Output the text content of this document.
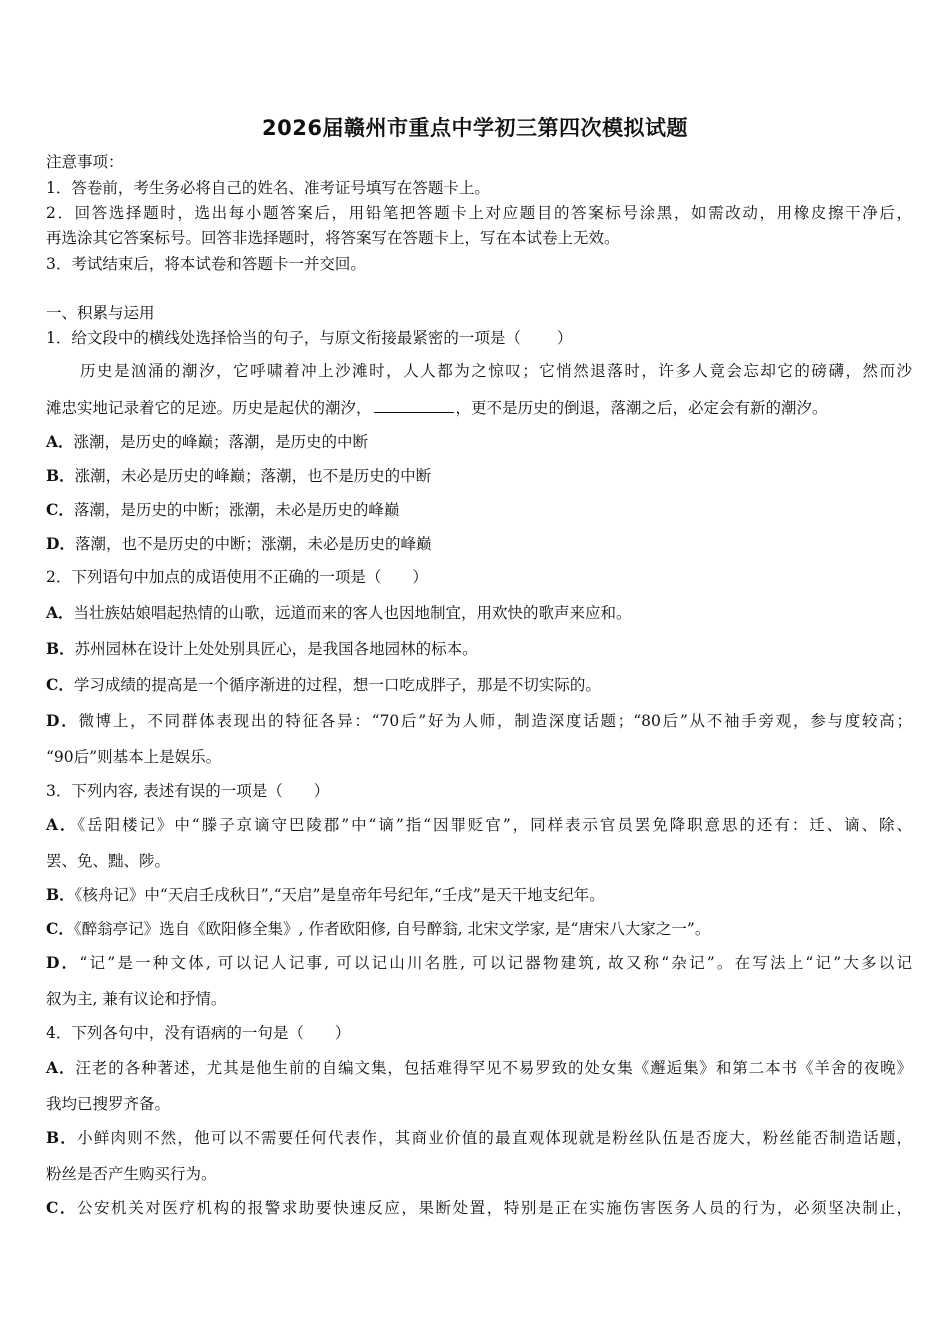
2026届赣州市重点中学初三第四次模拟试题
注意事项：
1．答卷前，考生务必将自己的姓名、准考证号填写在答题卡上。
2．回答选择题时，选出每小题答案后，用铅笔把答题卡上对应题目的答案标号涂黑，如需改动，用橡皮擦干净后，
再选涂其它答案标号。回答非选择题时，将答案写在答题卡上，写在本试卷上无效。
3．考试结束后，将本试卷和答题卡一并交回。
一、积累与运用
1．给文段中的横线处选择恰当的句子，与原文衔接最紧密的一项是（ ）
历史是汹涌的潮汐，它呼啸着冲上沙滩时，人人都为之惊叹；它悄然退落时，许多人竟会忘却它的磅礴，然而沙
滩忠实地记录着它的足迹。历史是起伏的潮汐，	，更不是历史的倒退，落潮之后，必定会有新的潮汐。
A．涨潮，是历史的峰巅；落潮，是历史的中断
B．涨潮，未必是历史的峰巅；落潮，也不是历史的中断
C．落潮，是历史的中断；涨潮，未必是历史的峰巅
D．落潮，也不是历史的中断；涨潮，未必是历史的峰巅
2．下列语句中加点的成语使用不正确的一项是（　　）
A．当壮族姑娘唱起热情的山歌，远道而来的客人也因地制宜，用欢快的歌声来应和。
B．苏州园林在设计上处处别具匠心，是我国各地园林的标本。
C．学习成绩的提高是一个循序渐进的过程，想一口吃成胖子，那是不切实际的。
D．微博上，不同群体表现出的特征各异：“70后”好为人师，制造深度话题；“80后”从不袖手旁观，参与度较高；
“90后”则基本上是娱乐。
3．下列内容, 表述有误的一项是（　　）
A．《岳阳楼记》中“滕子京谪守巴陵郡”中“谪”指“因罪贬官”，同样表示官员罢免降职意思的还有：迁、谪、除、
罢、免、黜、陟。
B．《核舟记》中“天启壬戌秋日”,“天启”是皇帝年号纪年,“壬戌”是天干地支纪年。
C．《醉翁亭记》选自《欧阳修全集》, 作者欧阳修, 自号醉翁, 北宋文学家, 是“唐宋八大家之一”。
D．“记”是一种文体, 可以记人记事, 可以记山川名胜, 可以记器物建筑, 故又称“杂记”。在写法上“记”大多以记
叙为主, 兼有议论和抒情。
4．下列各句中，没有语病的一句是（　　）
A．汪老的各种著述，尤其是他生前的自编文集，包括难得罕见不易罗致的处女集《邂逅集》和第二本书《羊舍的夜晚》
我均已搜罗齐备。
B．小鲜肉则不然，他可以不需要任何代表作，其商业价值的最直观体现就是粉丝队伍是否庞大，粉丝能否制造话题，
粉丝是否产生购买行为。
C．公安机关对医疗机构的报警求助要快速反应，果断处置，特别是正在实施伤害医务人员的行为，必须坚决制止，
